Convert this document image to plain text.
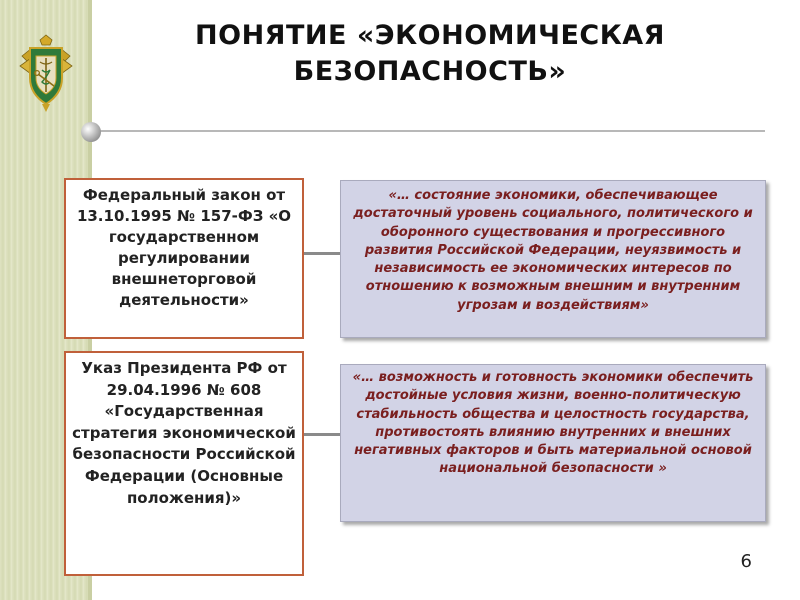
ПОНЯТИЕ «ЭКОНОМИЧЕСКАЯ БЕЗОПАСНОСТЬ»
Федеральный закон от 13.10.1995 № 157-ФЗ «О государственном регулировании внешнеторговой деятельности»
Указ Президента РФ от 29.04.1996 № 608 «Государственная стратегия экономической безопасности Российской Федерации (Основные положения)»
«… состояние экономики, обеспечивающее достаточный уровень социального, политического и оборонного существования и прогрессивного развития Российской Федерации, неуязвимость и независимость ее экономических интересов по отношению к возможным внешним и внутренним угрозам и воздействиям»
«… возможность и готовность экономики обеспечить достойные условия жизни, военно-политическую стабильность общества и целостность государства, противостоять влиянию внутренних и внешних негативных факторов и быть материальной основой национальной безопасности »
6
